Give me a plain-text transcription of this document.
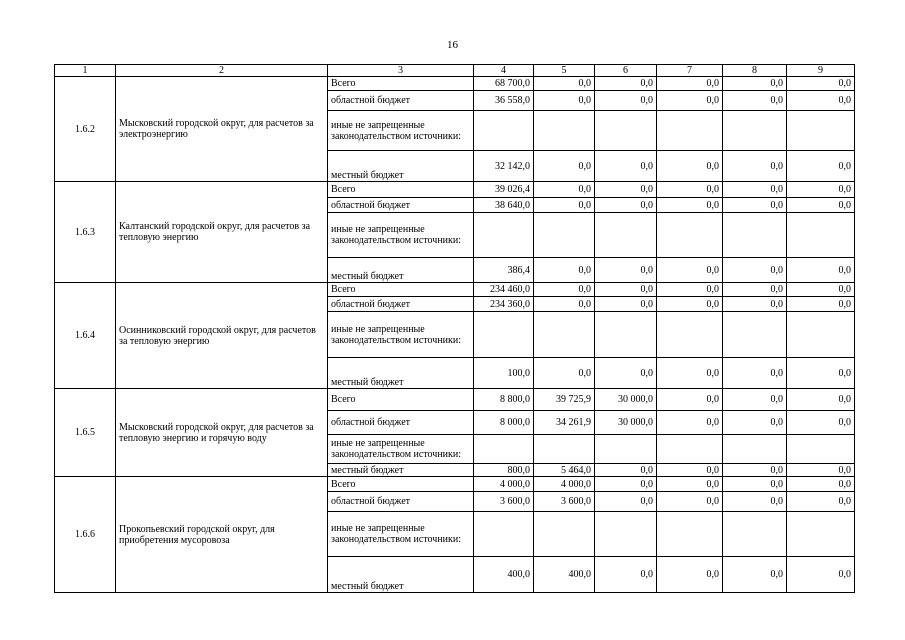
16
1	2	3	4	5	6	7	8	9
1.6.2	Мысковский городской округ, для расчетов за электроэнергию	Всего	68 700,0	0,0	0,0	0,0	0,0	0,0
		областной бюджет	36 558,0	0,0	0,0	0,0	0,0	0,0
		иные не запрещенные законодательством источники:						
		местный бюджет	32 142,0	0,0	0,0	0,0	0,0	0,0
1.6.3	Калтанский городской округ, для расчетов за тепловую энергию	Всего	39 026,4	0,0	0,0	0,0	0,0	0,0
		областной бюджет	38 640,0	0,0	0,0	0,0	0,0	0,0
		иные не запрещенные законодательством источники:						
		местный бюджет	386,4	0,0	0,0	0,0	0,0	0,0
1.6.4	Осинниковский городской округ, для расчетов за тепловую энергию	Всего	234 460,0	0,0	0,0	0,0	0,0	0,0
		областной бюджет	234 360,0	0,0	0,0	0,0	0,0	0,0
		иные не запрещенные законодательством источники:						
		местный бюджет	100,0	0,0	0,0	0,0	0,0	0,0
1.6.5	Мысковский городской округ, для расчетов за тепловую энергию и горячую воду	Всего	8 800,0	39 725,9	30 000,0	0,0	0,0	0,0
		областной бюджет	8 000,0	34 261,9	30 000,0	0,0	0,0	0,0
		иные не запрещенные законодательством источники:						
		местный бюджет	800,0	5 464,0	0,0	0,0	0,0	0,0
1.6.6	Прокопьевский городской округ, для приобретения мусоровоза	Всего	4 000,0	4 000,0	0,0	0,0	0,0	0,0
		областной бюджет	3 600,0	3 600,0	0,0	0,0	0,0	0,0
		иные не запрещенные законодательством источники:						
		местный бюджет	400,0	400,0	0,0	0,0	0,0	0,0
